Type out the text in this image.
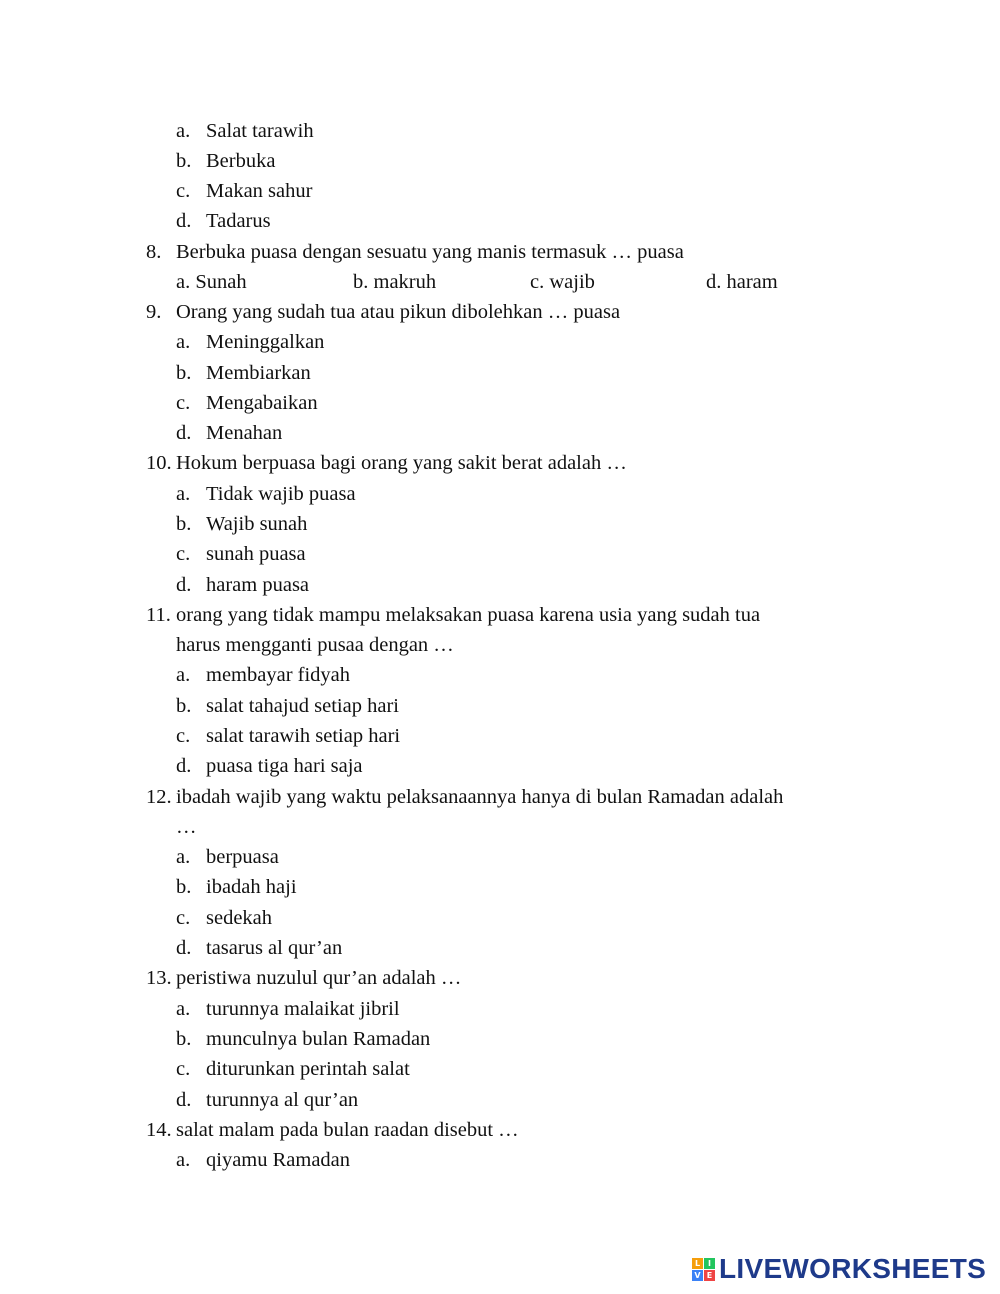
a. Salat tarawih
b. Berbuka
c. Makan sahur
d. Tadarus
8. Berbuka puasa dengan sesuatu yang manis termasuk … puasa
a. Sunah	b. makruh	c. wajib	d. haram
9. Orang yang sudah tua atau pikun dibolehkan … puasa
a. Meninggalkan
b. Membiarkan
c. Mengabaikan
d. Menahan
10. Hokum berpuasa bagi orang yang sakit berat adalah …
a. Tidak wajib puasa
b. Wajib sunah
c. sunah puasa
d. haram puasa
11. orang yang tidak mampu melaksakan puasa karena usia yang sudah tua
harus mengganti pusaa dengan …
a. membayar fidyah
b. salat tahajud setiap hari
c. salat tarawih setiap hari
d. puasa tiga hari saja
12. ibadah wajib yang waktu pelaksanaannya hanya di bulan Ramadan adalah
…
a. berpuasa
b. ibadah haji
c. sedekah
d. tasarus al qur’an
13. peristiwa nuzulul qur’an adalah …
a. turunnya malaikat jibril
b. munculnya bulan Ramadan
c. diturunkan perintah salat
d. turunnya al qur’an
14. salat malam pada bulan raadan disebut …
a. qiyamu Ramadan
L I
V E LIVEWORKSHEETS
